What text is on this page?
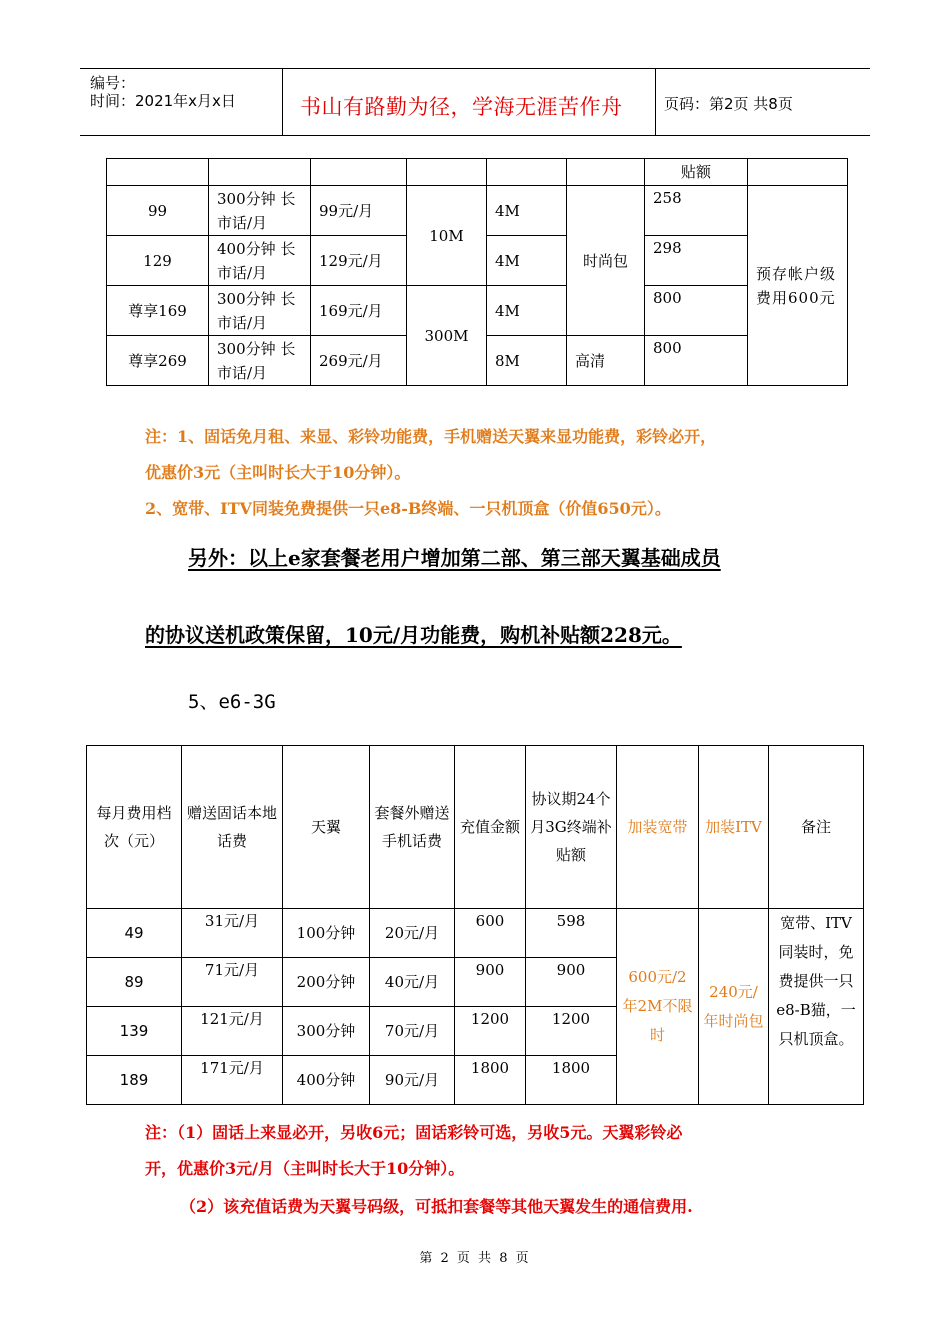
编号：
时间：2021年x月x日	书山有路勤为径，学海无涯苦作舟	页码：第2页 共8页
						贴额	
99	300分钟 长市话/月	99元/月	10M	4M	时尚包	258	预存帐户级费用600元
129	400分钟 长市话/月	129元/月		4M		298	
尊享169	300分钟 长市话/月	169元/月	300M	4M		800	
尊享269	300分钟 长市话/月	269元/月		8M	高清	800	
注：1、固话免月租、来显、彩铃功能费，手机赠送天翼来显功能费，彩铃必开，
优惠价3元（主叫时长大于10分钟）。
2、宽带、ITV同装免费提供一只e8-B终端、一只机顶盒（价值650元）。
另外：以上e家套餐老用户增加第二部、第三部天翼基础成员
的协议送机政策保留，10元/月功能费，购机补贴额228元。
5、e6-3G
每月费用档次（元）	赠送固话本地话费	天翼	套餐外赠送手机话费	充值金额	协议期24个月3G终端补贴额	加装宽带	加装ITV	备注
49	31元/月	100分钟	20元/月	600	598	600元/2年2M不限时	240元/年时尚包	宽带、ITV同装时，免费提供一只e8-B猫，一只机顶盒。
89	71元/月	200分钟	40元/月	900	900			
139	121元/月	300分钟	70元/月	1200	1200			
189	171元/月	400分钟	90元/月	1800	1800			
注：（1）固话上来显必开，另收6元；固话彩铃可选，另收5元。天翼彩铃必
开，优惠价3元/月（主叫时长大于10分钟）。
（2）该充值话费为天翼号码级，可抵扣套餐等其他天翼发生的通信费用.
第 2 页 共 8 页
